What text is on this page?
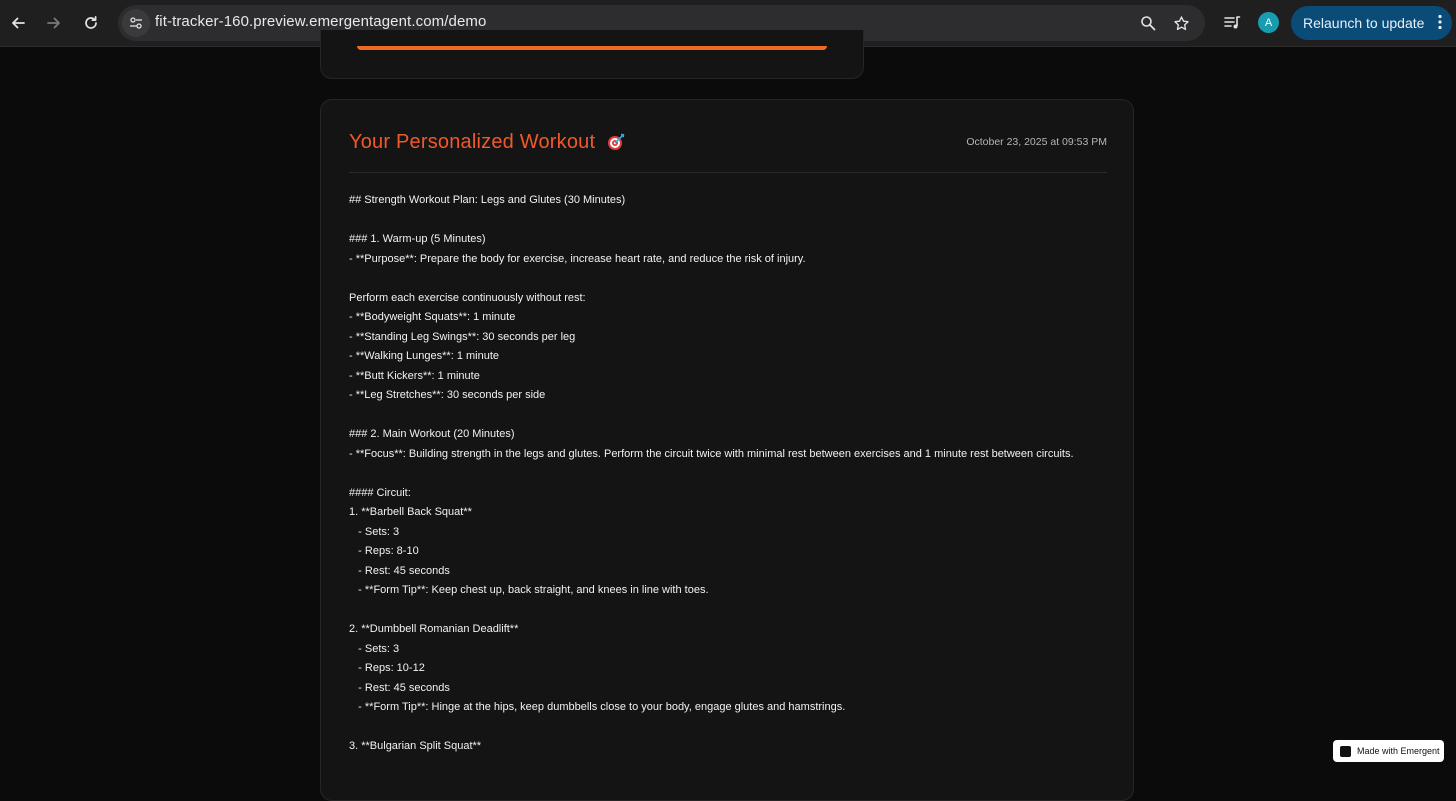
fit-tracker-160.preview.emergentagent.com/demo	A	Relaunch to update
Your Personalized Workout	October 23, 2025 at 09:53 PM
## Strength Workout Plan: Legs and Glutes (30 Minutes)
### 1. Warm-up (5 Minutes)
- **Purpose**: Prepare the body for exercise, increase heart rate, and reduce the risk of injury.
Perform each exercise continuously without rest:
- **Bodyweight Squats**: 1 minute
- **Standing Leg Swings**: 30 seconds per leg
- **Walking Lunges**: 1 minute
- **Butt Kickers**: 1 minute
- **Leg Stretches**: 30 seconds per side
### 2. Main Workout (20 Minutes)
- **Focus**: Building strength in the legs and glutes. Perform the circuit twice with minimal rest between exercises and 1 minute rest between circuits.
#### Circuit:
1. **Barbell Back Squat**
- Sets: 3
- Reps: 8-10
- Rest: 45 seconds
- **Form Tip**: Keep chest up, back straight, and knees in line with toes.
2. **Dumbbell Romanian Deadlift**
- Sets: 3
- Reps: 10-12
- Rest: 45 seconds
- **Form Tip**: Hinge at the hips, keep dumbbells close to your body, engage glutes and hamstrings.
3. **Bulgarian Split Squat**	Made with Emergent
